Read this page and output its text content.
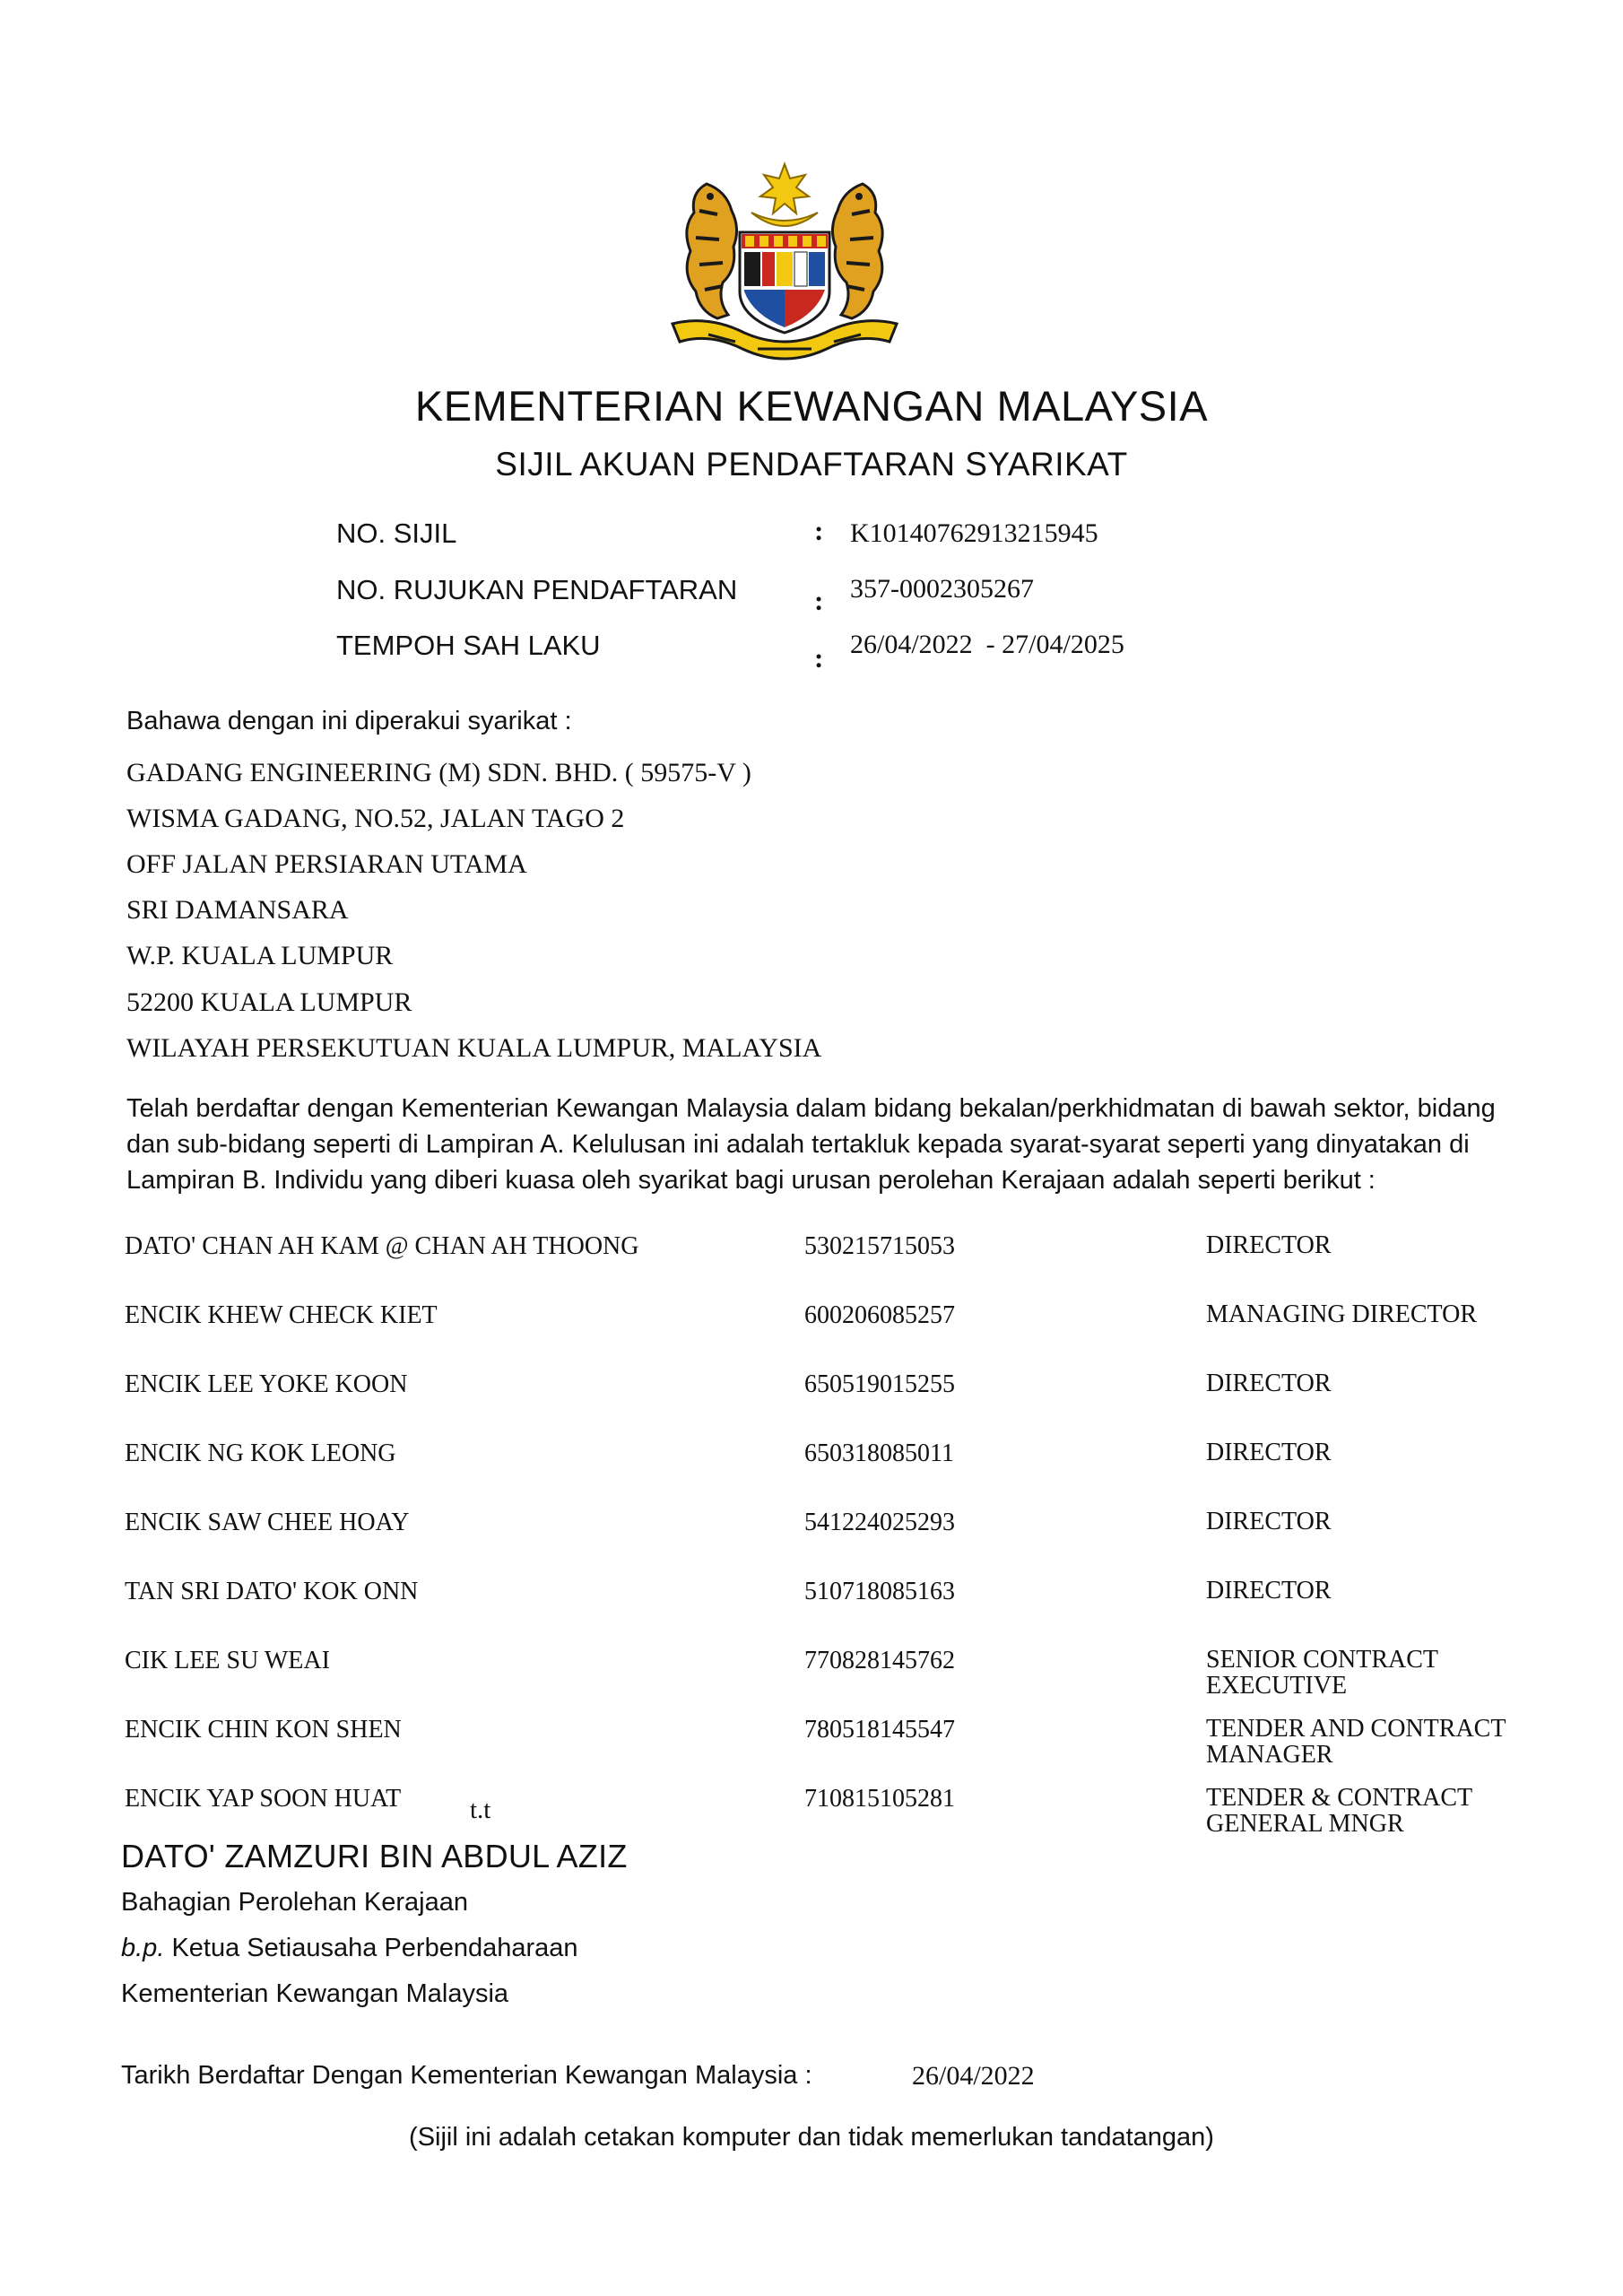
KEMENTERIAN KEWANGAN MALAYSIA
SIJIL AKUAN PENDAFTARAN SYARIKAT
NO. SIJIL	: K10140762913215945
NO. RUJUKAN PENDAFTARAN	: 357-0002305267
TEMPOH SAH LAKU	: 26/04/2022  - 27/04/2025
Bahawa dengan ini diperakui syarikat :
GADANG ENGINEERING (M) SDN. BHD. ( 59575-V )
WISMA GADANG, NO.52, JALAN TAGO 2
OFF JALAN PERSIARAN UTAMA
SRI DAMANSARA
W.P. KUALA LUMPUR
52200 KUALA LUMPUR
WILAYAH PERSEKUTUAN KUALA LUMPUR, MALAYSIA
Telah berdaftar dengan Kementerian Kewangan Malaysia dalam bidang bekalan/perkhidmatan di bawah sektor, bidang
dan sub-bidang seperti di Lampiran A. Kelulusan ini adalah tertakluk kepada syarat-syarat seperti yang dinyatakan di
Lampiran B. Individu yang diberi kuasa oleh syarikat bagi urusan perolehan Kerajaan adalah seperti berikut :
DATO' CHAN AH KAM @ CHAN AH THOONG	530215715053	DIRECTOR
ENCIK KHEW CHECK KIET	600206085257	MANAGING DIRECTOR
ENCIK LEE YOKE KOON	650519015255	DIRECTOR
ENCIK NG KOK LEONG	650318085011	DIRECTOR
ENCIK SAW CHEE HOAY	541224025293	DIRECTOR
TAN SRI DATO' KOK ONN	510718085163	DIRECTOR
CIK LEE SU WEAI	770828145762	SENIOR CONTRACT EXECUTIVE
ENCIK CHIN KON SHEN	780518145547	TENDER AND CONTRACT MANAGER
ENCIK YAP SOON HUAT	710815105281	TENDER & CONTRACT GENERAL MNGR
t.t
DATO' ZAMZURI BIN ABDUL AZIZ
Bahagian Perolehan Kerajaan
b.p. Ketua Setiausaha Perbendaharaan
Kementerian Kewangan Malaysia
Tarikh Berdaftar Dengan Kementerian Kewangan Malaysia :	26/04/2022
(Sijil ini adalah cetakan komputer dan tidak memerlukan tandatangan)
